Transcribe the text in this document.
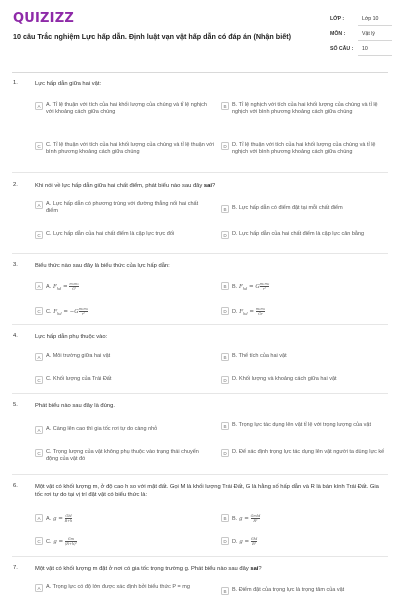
QUIZIZZ
10 câu Trắc nghiệm Lực hấp dẫn. Định luật vạn vật hấp dẫn có đáp án (Nhận biết)
LỚP :	Lớp 10
MÔN :	Vật lý
SỐ CÂU : 10
1.	Lực hấp dẫn giữa hai vật:
A A. Tỉ lệ thuận với tích của hai khối lượng của chúng và tỉ lệ nghịch với khoảng cách giữa chúng
B B. Tỉ lệ nghịch với tích của hai khối lượng của chúng và tỉ lệ nghịch với bình phương khoảng cách giữa chúng
C C. Tỉ lệ thuận với tích của hai khối lượng của chúng và tỉ lệ thuận với bình phương khoảng cách giữa chúng
D D. Tỉ lệ thuận với tích của hai khối lượng của chúng và tỉ lệ nghịch với bình phương khoảng cách giữa chúng
2.	Khi nói về lực hấp dẫn giữa hai chất điểm, phát biểu nào sau đây sai?
A A. Lực hấp dẫn có phương trùng với đường thẳng nối hai chất điểm	B B. Lực hấp dẫn có điểm đặt tại mỗi chất điểm
C C. Lực hấp dẫn của hai chất điểm là cặp lực trực đối	D D. Lực hấp dẫn của hai chất điểm là cặp lực cân bằng
3.	Biểu thức nào sau đây là biểu thức của lực hấp dẫn:
A A. $F_{hd} = \frac{\text{m₁m₂}}{\text{G²}}$	B B. $F_{hd} = G \frac{\text{m₁m₂}}{\text{r²}}$
C C. $F_{hd} = -G \frac{\text{m₁m₂}}{\text{r²}}$	D D. $F_{hd} = \frac{\text{m₁m₂}}{Gr}$
4.	Lực hấp dẫn phụ thuộc vào:
A A. Môi trường giữa hai vật	B B. Thể tích của hai vật
C C. Khối lượng của Trái Đất	D D. Khối lượng và khoảng cách giữa hai vật
5.	Phát biểu nào sau đây là đúng.
A A. Càng lên cao thì gia tốc rơi tự do càng nhỏ	B B. Trọng lực tác dụng lên vật tỉ lệ với trọng lượng của vật
C C. Trọng lượng của vật không phụ thuộc vào trạng thái chuyển động của vật đó
D D. Để xác định trọng lực tác dụng lên vật người ta dùng lực kế
6.	Một vật có khối lượng m, ở độ cao h so với mặt đất. Gọi M là khối lượng Trái Đất, G là hằng số hấp dẫn và R là bán kính Trái Đất. Gia tốc rơi tự do tại vị trí đặt vật có biểu thức là:
A A. $g = \frac{GM}{R+h}$	B B. g = GmM
R²
C C. $g = \frac{Gm}{\text{(R+h)²}}$	D D. $g = \frac{GM}{\text{R²}}$
7.	Một vật có khối lượng m đặt ở nơi có gia tốc trọng trường g. Phát biểu nào sau đây sai?
A A. Trọng lực có độ lớn được xác định bởi biểu thức P = mg
B B. Điểm đặt của trọng lực là trọng tâm của vật
